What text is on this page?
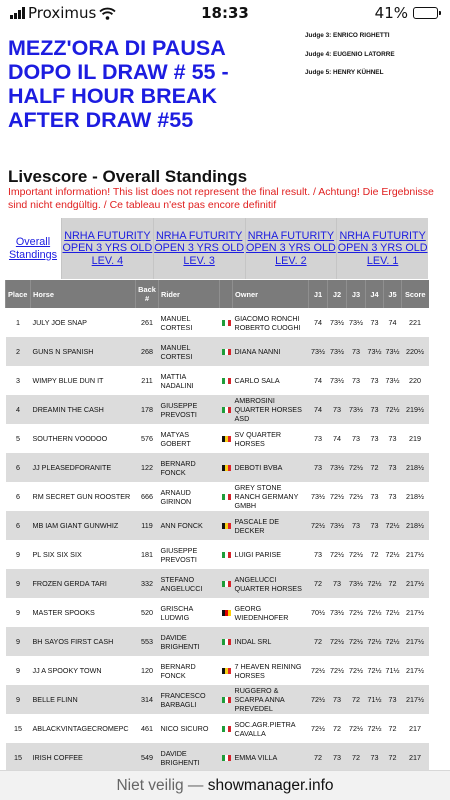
Proximus	18:33	41%
MEZZ'ORA DI PAUSA DOPO IL DRAW # 55 - HALF HOUR BREAK AFTER DRAW #55
Judge 3: ENRICO RIGHETTI
Judge 4: EUGENIO LATORRE
Judge 5: HENRY KÜHNEL
Livescore - Overall Standings

Important information! This list does not represent the final result. / Achtung! Die Ergebnisse sind nicht endgültig. / Ce tableau n'est pas encore definitif

Overall Standings
NRHA FUTURITY OPEN 3 YRS OLD LEV. 4
NRHA FUTURITY OPEN 3 YRS OLD LEV. 3
NRHA FUTURITY OPEN 3 YRS OLD LEV. 2
NRHA FUTURITY OPEN 3 YRS OLD LEV. 1
Place	Horse	Back #	Rider		Owner	J1	J2	J3	J4	J5	Score
1	JULY JOE SNAP	261	MANUEL CORTESI		GIACOMO RONCHI ROBERTO CUOGHI	74	73½	73½	73	74	221
2	GUNS N SPANISH	268	MANUEL CORTESI		DIANA NANNI	73½	73½	73	73½	73½	220½
3	WIMPY BLUE DUN IT	211	MATTIA NADALINI		CARLO SALA	74	73½	73	73	73½	220
4	DREAMIN THE CASH	178	GIUSEPPE PREVOSTI		AMBROSINI QUARTER HORSES ASD	74	73	73½	73	72½	219½
5	SOUTHERN VOODOO	576	MATYAS GOBERT		SV QUARTER HORSES	73	74	73	73	73	219
6	JJ PLEASEDFORANITE	122	BERNARD FONCK		DEBOTI BVBA	73	73½	72½	72	73	218½
6	RM SECRET GUN ROOSTER	666	ARNAUD GIRINON		GREY STONE RANCH GERMANY GMBH	73½	72½	72½	73	73	218½
6	MB IAM GIANT GUNWHIZ	119	ANN FONCK		PASCALE DE DECKER	72½	73½	73	73	72½	218½
9	PL SIX SIX SIX	181	GIUSEPPE PREVOSTI		LUIGI PARISE	73	72½	72½	72	72½	217½
9	FROZEN GERDA TARI	332	STEFANO ANGELUCCI		ANGELUCCI QUARTER HORSES	72	73	73½	72½	72	217½
9	MASTER SPOOKS	520	GRISCHA LUDWIG		GEORG WIEDENHOFER	70½	73½	72½	72½	72½	217½
9	BH SAYOS FIRST CASH	553	DAVIDE BRIGHENTI		INDAL SRL	72	72½	72½	72½	72½	217½
9	JJ A SPOOKY TOWN	120	BERNARD FONCK		7 HEAVEN REINING HORSES	72½	72½	72½	72½	71½	217½
9	BELLE FLINN	314	FRANCESCO BARBAGLI		RUGGERO & SCARPA ANNA PREVEDEL	72½	73	72	71½	73	217½
15	ABLACKVINTAGECROMEPC	461	NICO SICURO		SOC.AGR.PIETRA CAVALLA	72½	72	72½	72½	72	217
15	IRISH COFFEE	549	DAVIDE BRIGHENTI		EMMA VILLA	72	73	72	73	72	217
Niet veilig — showmanager.info
